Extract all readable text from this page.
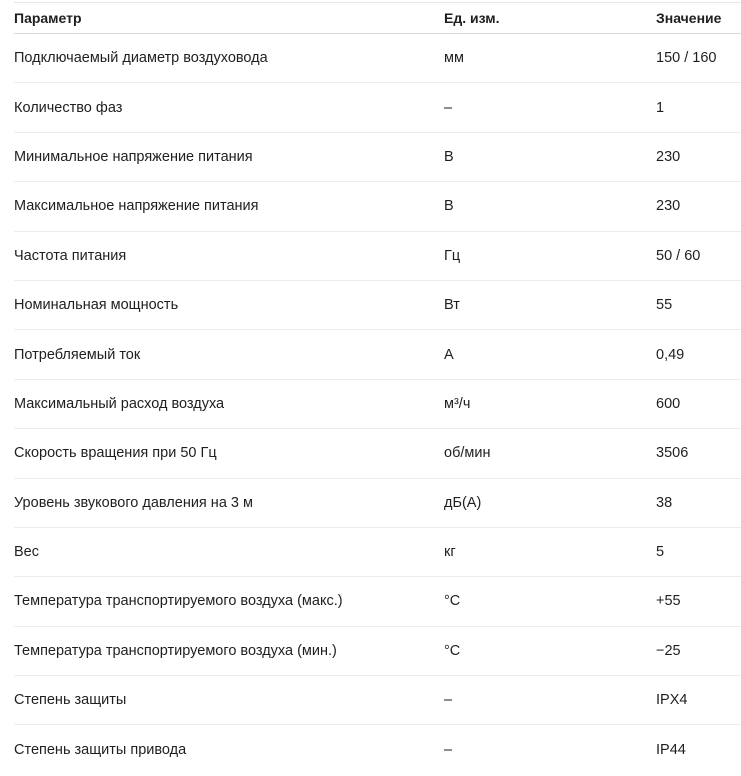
Параметр	Ед. изм.	Значение
Подключаемый диаметр воздуховода	мм	150 / 160
Количество фаз	–	1
Минимальное напряжение питания	В	230
Максимальное напряжение питания	В	230
Частота питания	Гц	50 / 60
Номинальная мощность	Вт	55
Потребляемый ток	А	0,49
Максимальный расход воздуха	м³/ч	600
Скорость вращения при 50 Гц	об/мин	3506
Уровень звукового давления на 3 м	дБ(А)	38
Вес	кг	5
Температура транспортируемого воздуха (макс.)	°C	+55
Температура транспортируемого воздуха (мин.)	°C	−25
Степень защиты	–	IPX4
Степень защиты привода	–	IP44
